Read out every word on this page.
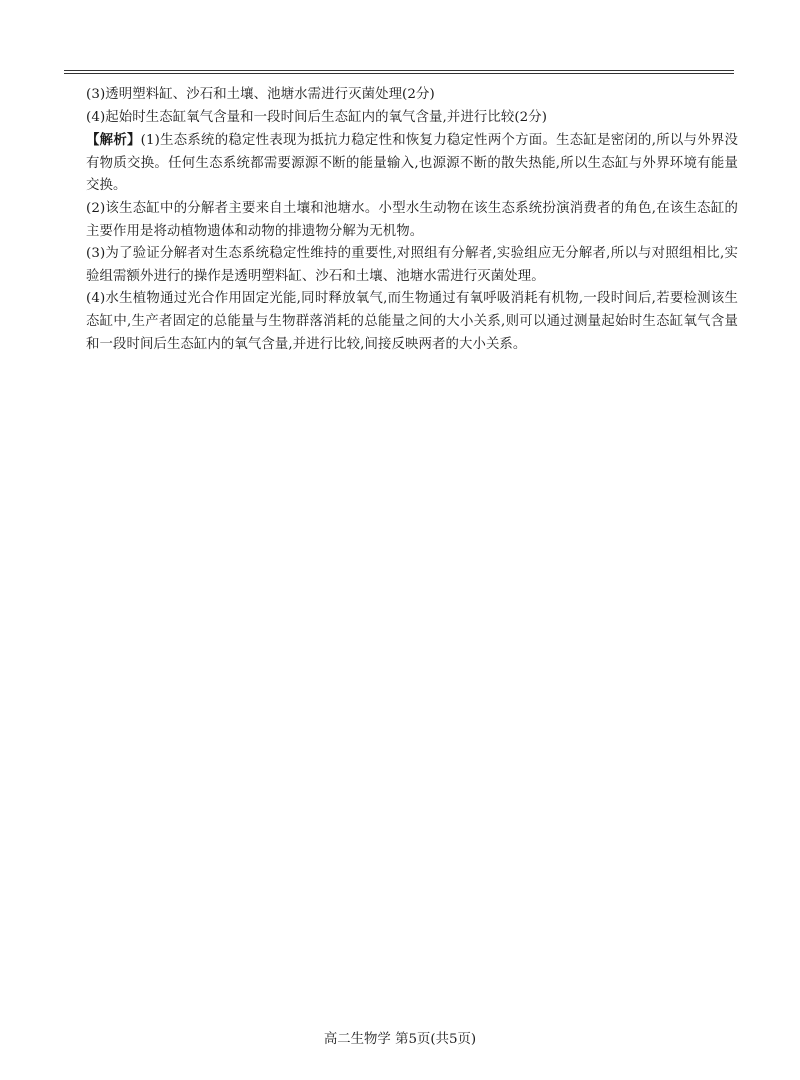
(3)透明塑料缸、沙石和土壤、池塘水需进行灭菌处理(2分)

(4)起始时生态缸氧气含量和一段时间后生态缸内的氧气含量,并进行比较(2分)

【解析】(1)生态系统的稳定性表现为抵抗力稳定性和恢复力稳定性两个方面。生态缸是密闭的,所以与外界没有物质交换。任何生态系统都需要源源不断的能量输入,也源源不断的散失热能,所以生态缸与外界环境有能量交换。

(2)该生态缸中的分解者主要来自土壤和池塘水。小型水生动物在该生态系统扮演消费者的角色,在该生态缸的主要作用是将动植物遗体和动物的排遗物分解为无机物。

(3)为了验证分解者对生态系统稳定性维持的重要性,对照组有分解者,实验组应无分解者,所以与对照组相比,实验组需额外进行的操作是透明塑料缸、沙石和土壤、池塘水需进行灭菌处理。

(4)水生植物通过光合作用固定光能,同时释放氧气,而生物通过有氧呼吸消耗有机物,一段时间后,若要检测该生态缸中,生产者固定的总能量与生物群落消耗的总能量之间的大小关系,则可以通过测量起始时生态缸氧气含量和一段时间后生态缸内的氧气含量,并进行比较,间接反映两者的大小关系。

高二生物学 第5页(共5页)
